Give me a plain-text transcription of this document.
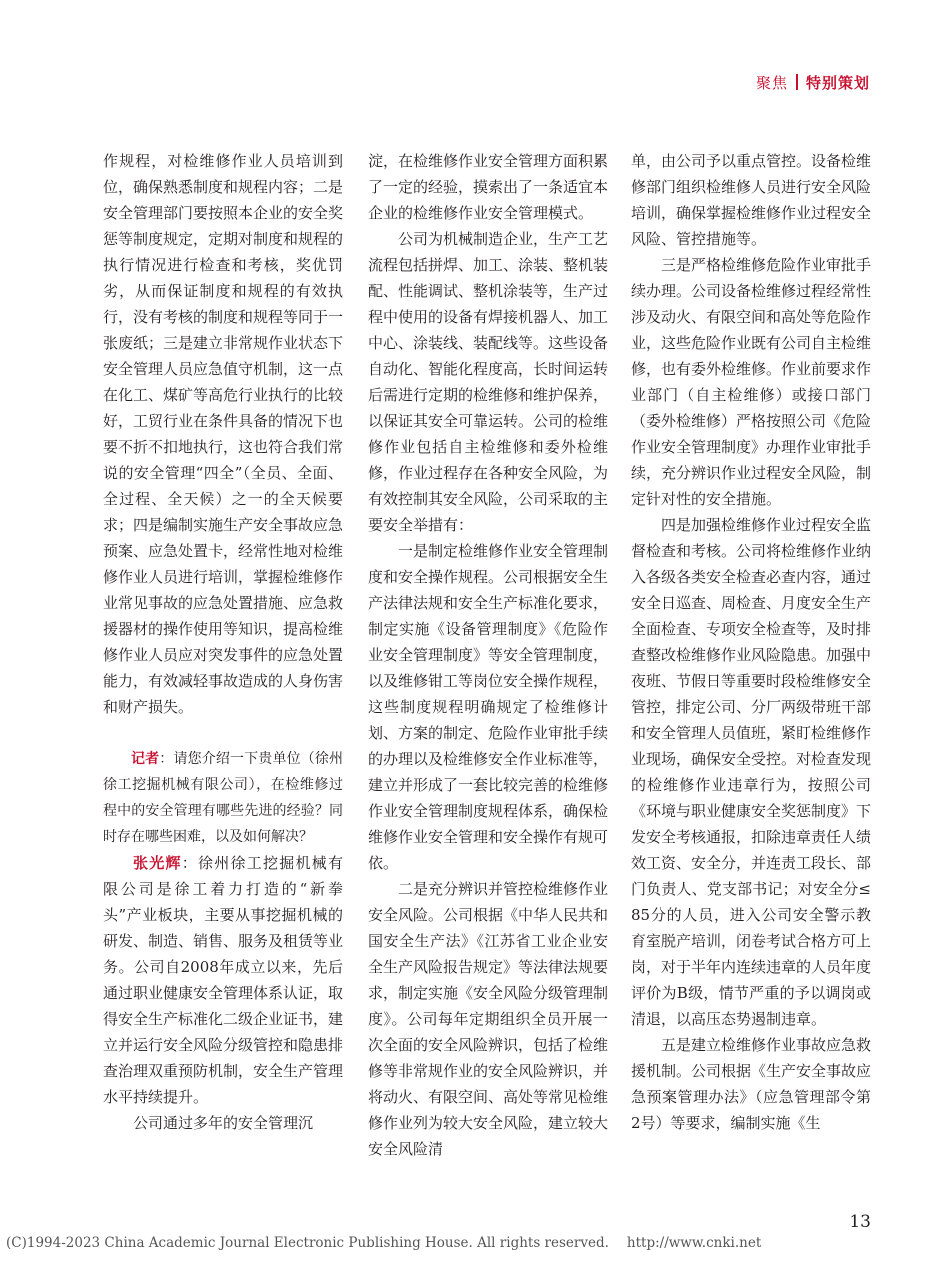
聚焦 特别策划

作规程，对检维修作业人员培训到位，确保熟悉制度和规程内容；二是安全管理部门要按照本企业的安全奖惩等制度规定，定期对制度和规程的执行情况进行检查和考核，奖优罚劣，从而保证制度和规程的有效执行，没有考核的制度和规程等同于一张废纸；三是建立非常规作业状态下安全管理人员应急值守机制，这一点在化工、煤矿等高危行业执行的比较好，工贸行业在条件具备的情况下也要不折不扣地执行，这也符合我们常说的安全管理“四全”（全员、全面、全过程、全天候）之一的全天候要求；四是编制实施生产安全事故应急预案、应急处置卡，经常性地对检维修作业人员进行培训，掌握检维修作业常见事故的应急处置措施、应急救援器材的操作使用等知识，提高检维修作业人员应对突发事件的应急处置能力，有效减轻事故造成的人身伤害和财产损失。

记者：请您介绍一下贵单位（徐州徐工挖掘机械有限公司），在检维修过程中的安全管理有哪些先进的经验？同时存在哪些困难，以及如何解决？

张光辉：徐州徐工挖掘机械有限公司是徐工着力打造的“新拳头”产业板块，主要从事挖掘机械的研发、制造、销售、服务及租赁等业务。公司自2008年成立以来，先后通过职业健康安全管理体系认证，取得安全生产标准化二级企业证书，建立并运行安全风险分级管控和隐患排查治理双重预防机制，安全生产管理水平持续提升。

公司通过多年的安全管理沉

淀，在检维修作业安全管理方面积累了一定的经验，摸索出了一条适宜本企业的检维修作业安全管理模式。

公司为机械制造企业，生产工艺流程包括拼焊、加工、涂装、整机装配、性能调试、整机涂装等，生产过程中使用的设备有焊接机器人、加工中心、涂装线、装配线等。这些设备自动化、智能化程度高，长时间运转后需进行定期的检维修和维护保养，以保证其安全可靠运转。公司的检维修作业包括自主检维修和委外检维修，作业过程存在各种安全风险，为有效控制其安全风险，公司采取的主要安全举措有：

一是制定检维修作业安全管理制度和安全操作规程。公司根据安全生产法律法规和安全生产标准化要求，制定实施《设备管理制度》《危险作业安全管理制度》等安全管理制度，以及维修钳工等岗位安全操作规程，这些制度规程明确规定了检维修计划、方案的制定、危险作业审批手续的办理以及检维修安全作业标准等，建立并形成了一套比较完善的检维修作业安全管理制度规程体系，确保检维修作业安全管理和安全操作有规可依。

二是充分辨识并管控检维修作业安全风险。公司根据《中华人民共和国安全生产法》《江苏省工业企业安全生产风险报告规定》等法律法规要求，制定实施《安全风险分级管理制度》。公司每年定期组织全员开展一次全面的安全风险辨识，包括了检维修等非常规作业的安全风险辨识，并将动火、有限空间、高处等常见检维修作业列为较大安全风险，建立较大安全风险清

单，由公司予以重点管控。设备检维修部门组织检维修人员进行安全风险培训，确保掌握检维修作业过程安全风险、管控措施等。

三是严格检维修危险作业审批手续办理。公司设备检维修过程经常性涉及动火、有限空间和高处等危险作业，这些危险作业既有公司自主检维修，也有委外检维修。作业前要求作业部门（自主检维修）或接口部门（委外检维修）严格按照公司《危险作业安全管理制度》办理作业审批手续，充分辨识作业过程安全风险，制定针对性的安全措施。

四是加强检维修作业过程安全监督检查和考核。公司将检维修作业纳入各级各类安全检查必查内容，通过安全日巡查、周检查、月度安全生产全面检查、专项安全检查等，及时排查整改检维修作业风险隐患。加强中夜班、节假日等重要时段检维修安全管控，排定公司、分厂两级带班干部和安全管理人员值班，紧盯检维修作业现场，确保安全受控。对检查发现的检维修作业违章行为，按照公司《环境与职业健康安全奖惩制度》下发安全考核通报，扣除违章责任人绩效工资、安全分，并连责工段长、部门负责人、党支部书记；对安全分≤ 85分的人员，进入公司安全警示教育室脱产培训，闭卷考试合格方可上岗，对于半年内连续违章的人员年度评价为B级，情节严重的予以调岗或清退，以高压态势遏制违章。

五是建立检维修作业事故应急救援机制。公司根据《生产安全事故应急预案管理办法》（应急管理部令第2号）等要求，编制实施《生

13
(C)1994-2023 China Academic Journal Electronic Publishing House. All rights reserved. http://www.cnki.net
